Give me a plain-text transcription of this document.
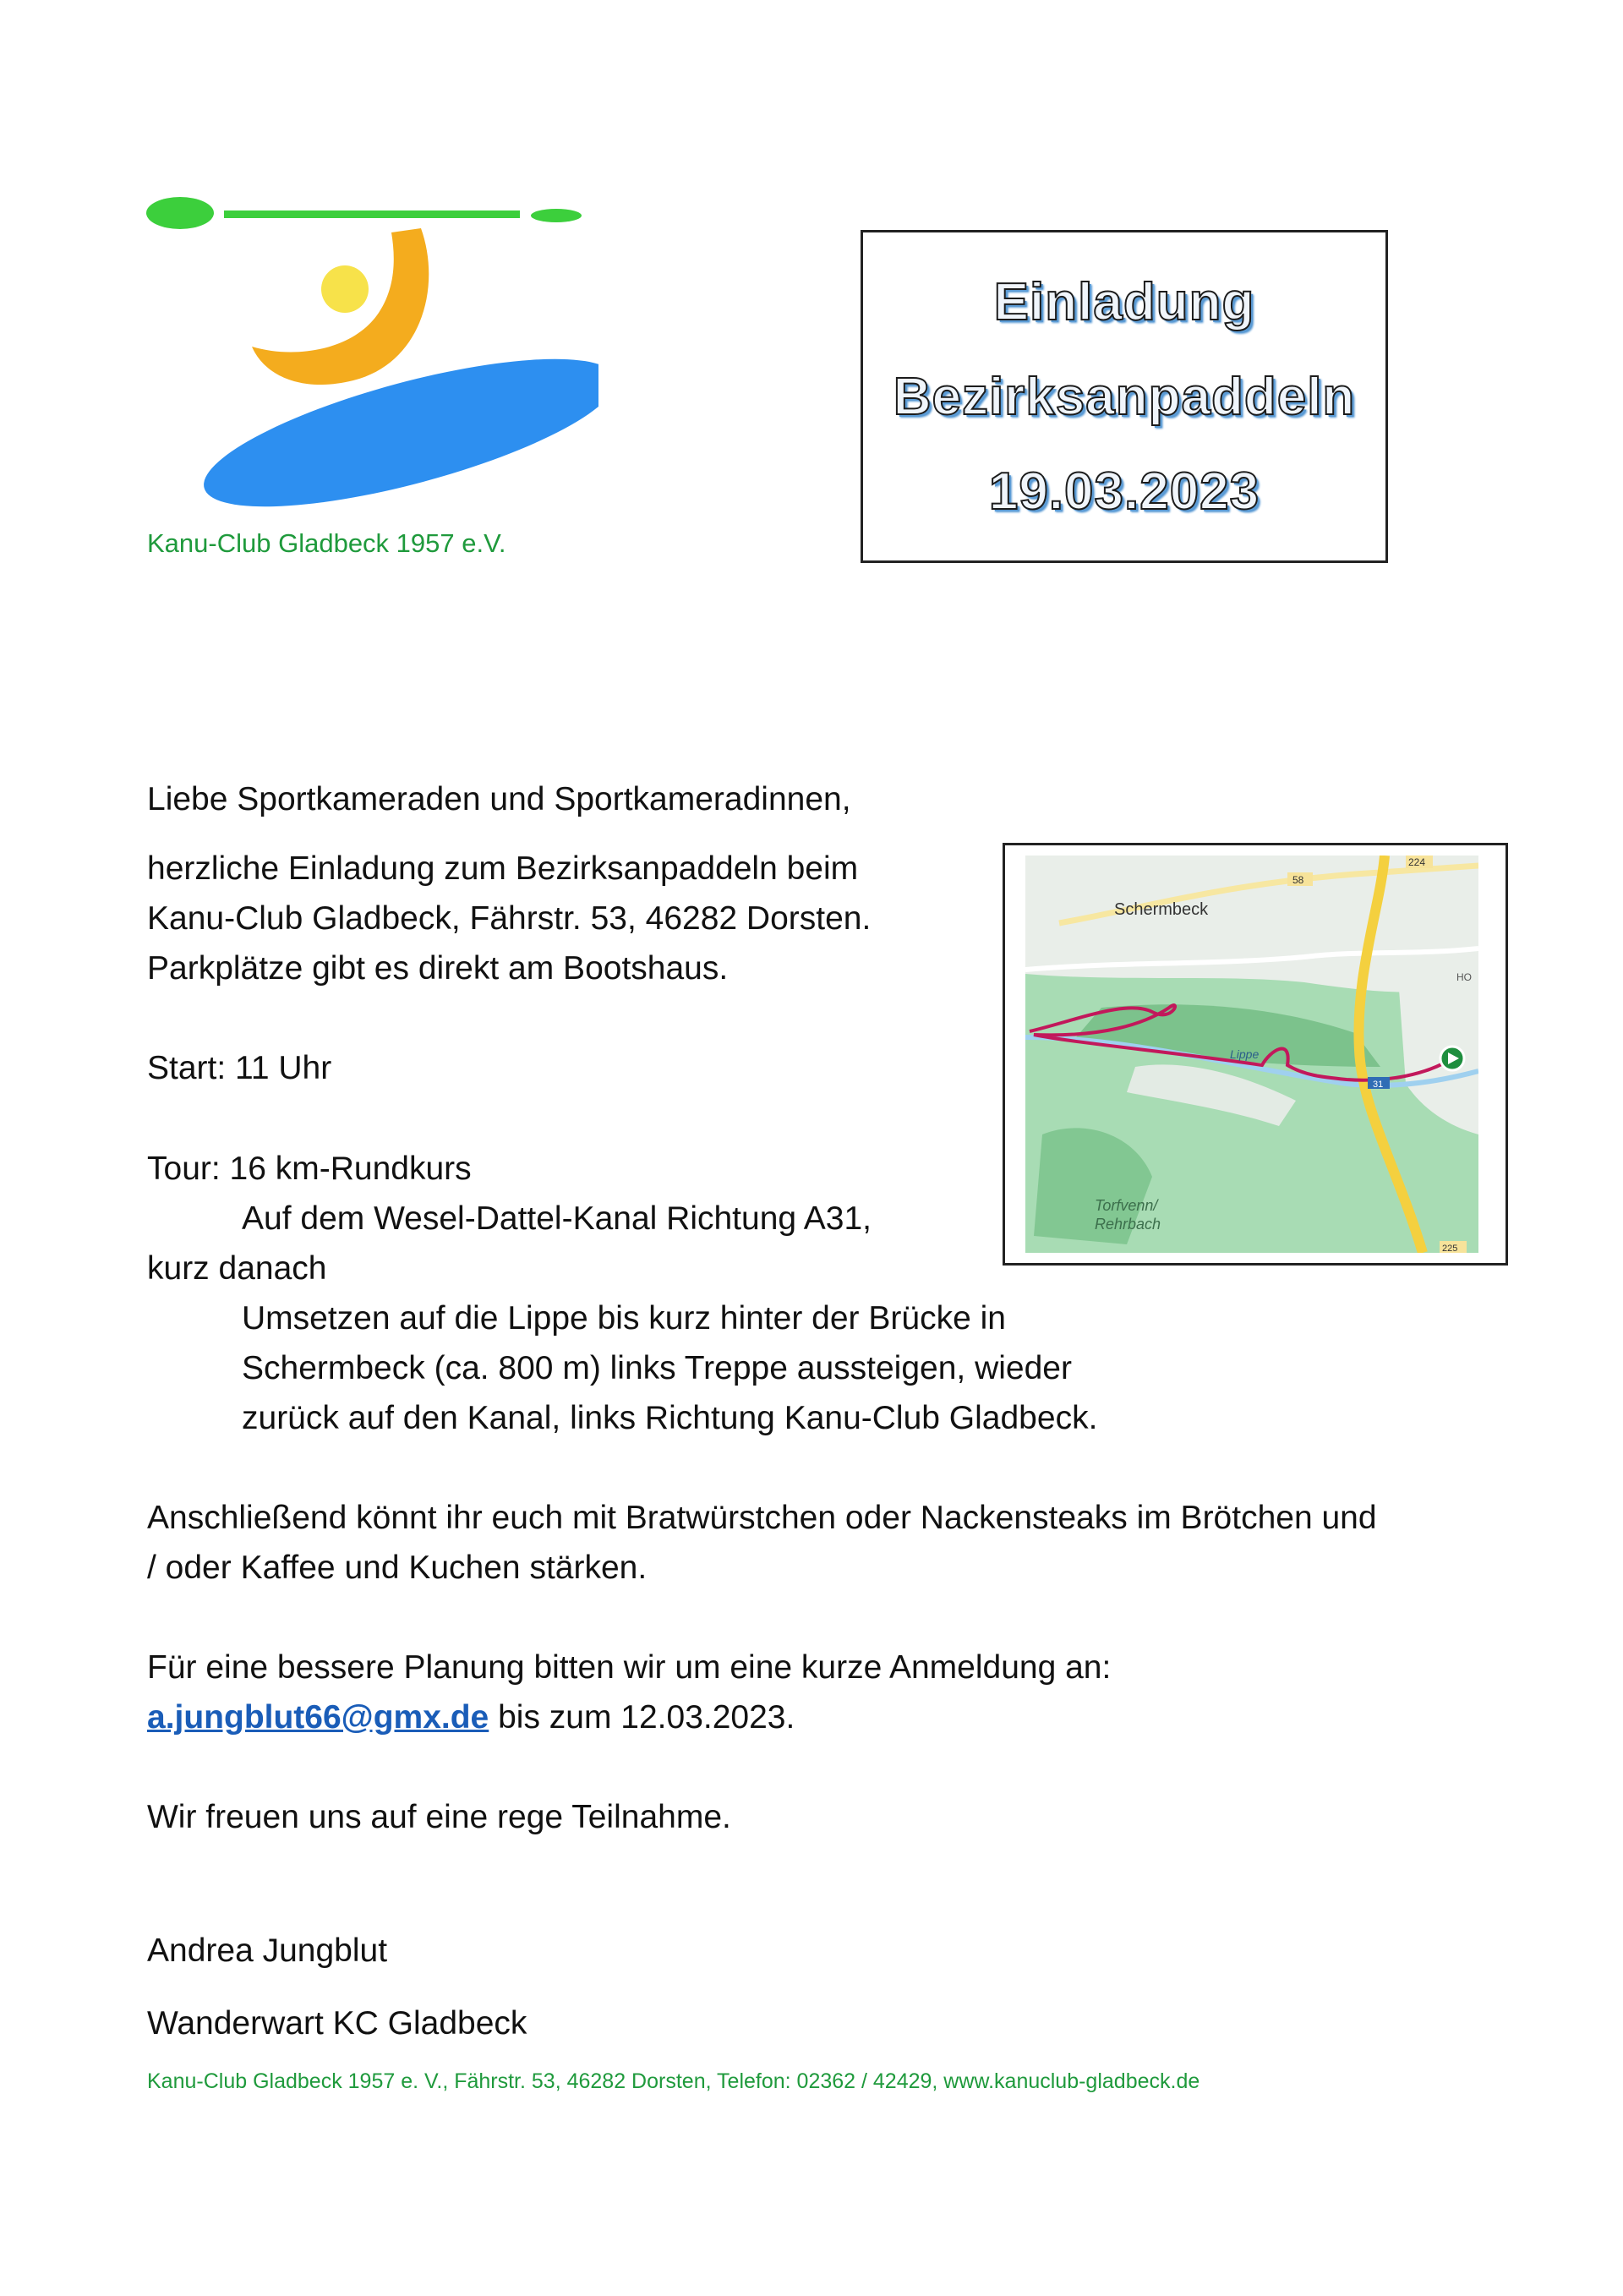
Kanu-Club Gladbeck 1957 e.V.
Einladung
Bezirksanpaddeln
19.03.2023

Liebe Sportkameraden und Sportkameradinnen,

herzliche Einladung zum Bezirksanpaddeln beim

Kanu-Club Gladbeck, Fährstr. 53, 46282 Dorsten.

Parkplätze gibt es direkt am Bootshaus.

Start: 11 Uhr

Tour: 16 km-Rundkurs

Auf dem Wesel-Dattel-Kanal Richtung A31,

kurz danach

Umsetzen auf die Lippe bis kurz hinter der Brücke in

Schermbeck (ca. 800 m) links Treppe aussteigen, wieder

zurück auf den Kanal, links Richtung Kanu-Club Gladbeck.

Anschließend könnt ihr euch mit Bratwürstchen oder Nackensteaks im Brötchen und

/ oder Kaffee und Kuchen stärken.

Für eine bessere Planung bitten wir um eine kurze Anmeldung an:

a.jungblut66@gmx.de bis zum 12.03.2023.

Wir freuen uns auf eine rege Teilnahme.

Andrea Jungblut

Wanderwart KC Gladbeck

Schermbeck
Lippe
Torfvenn/
Rehrbach
58
224
31
225
HO
Kanu-Club Gladbeck 1957 e. V., Fährstr. 53, 46282 Dorsten, Telefon: 02362 / 42429, www.kanuclub-gladbeck.de
